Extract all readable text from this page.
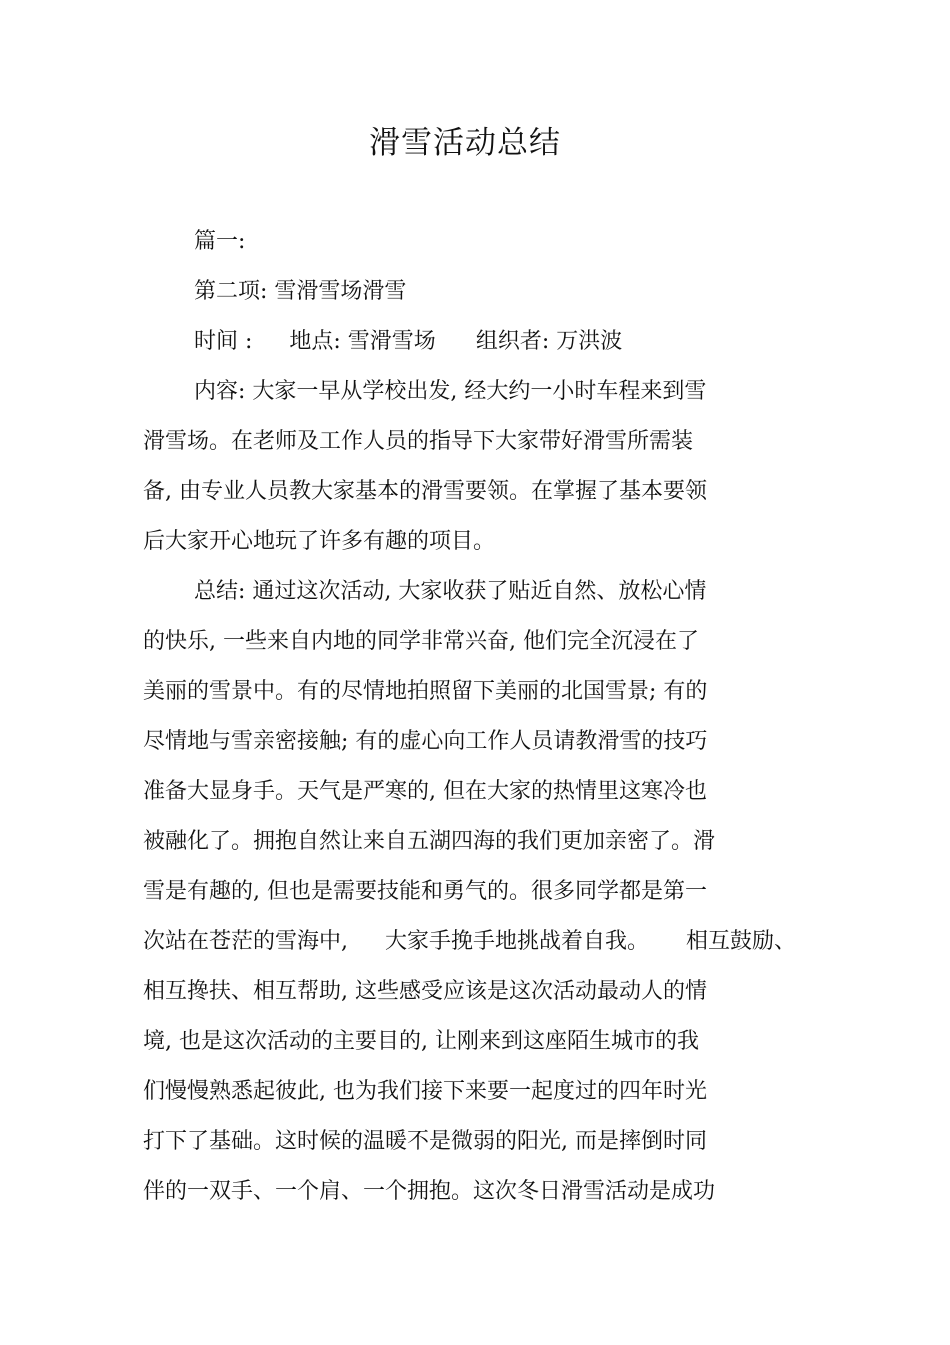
滑雪活动总结
篇一:
第二项: 雪滑雪场滑雪
时间 : 地点: 雪滑雪场 组织者: 万洪波
内容: 大家一早从学校出发, 经大约一小时车程来到雪
滑雪场。在老师及工作人员的指导下大家带好滑雪所需装
备, 由专业人员教大家基本的滑雪要领。在掌握了基本要领
后大家开心地玩了许多有趣的项目。
总结: 通过这次活动, 大家收获了贴近自然、放松心情
的快乐, 一些来自内地的同学非常兴奋, 他们完全沉浸在了
美丽的雪景中。有的尽情地拍照留下美丽的北国雪景; 有的
尽情地与雪亲密接触; 有的虚心向工作人员请教滑雪的技巧
准备大显身手。天气是严寒的, 但在大家的热情里这寒冷也
被融化了。拥抱自然让来自五湖四海的我们更加亲密了。滑
雪是有趣的, 但也是需要技能和勇气的。很多同学都是第一
次站在苍茫的雪海中, 大家手挽手地挑战着自我。 相互鼓励、
相互搀扶、相互帮助, 这些感受应该是这次活动最动人的情
境, 也是这次活动的主要目的, 让刚来到这座陌生城市的我
们慢慢熟悉起彼此, 也为我们接下来要一起度过的四年时光
打下了基础。这时候的温暖不是微弱的阳光, 而是摔倒时同
伴的一双手、一个肩、一个拥抱。这次冬日滑雪活动是成功
